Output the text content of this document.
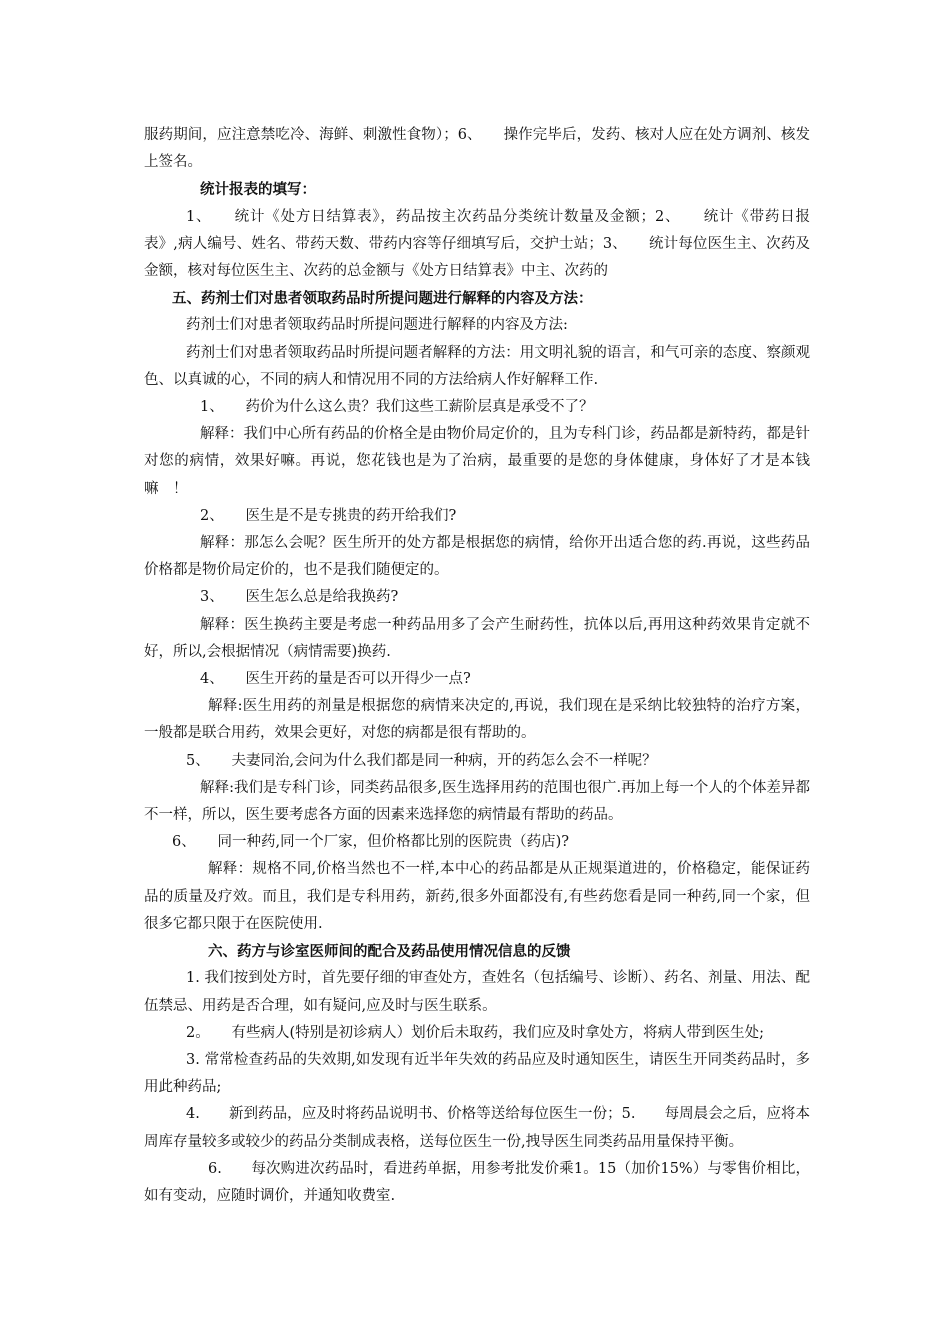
服药期间，应注意禁吃冷、海鲜、刺激性食物）；6、　　操作完毕后，发药、核对人应在处方调剂、核发上签名。

统计报表的填写：

1、　　统计《处方日结算表》，药品按主次药品分类统计数量及金额；2、　　统计《带药日报表》,病人编号、姓名、带药天数、带药内容等仔细填写后，交护士站；3、　　统计每位医生主、次药及金额，核对每位医生主、次药的总金额与《处方日结算表》中主、次药的

五、药剂士们对患者领取药品时所提问题进行解释的内容及方法：

药剂士们对患者领取药品时所提问题进行解释的内容及方法:

药剂士们对患者领取药品时所提问题者解释的方法：用文明礼貌的语言，和气可亲的态度、察颜观色、以真诚的心，不同的病人和情况用不同的方法给病人作好解释工作.

1、　　药价为什么这么贵？我们这些工薪阶层真是承受不了？

解释：我们中心所有药品的价格全是由物价局定价的，且为专科门诊，药品都是新特药，都是针对您的病情，效果好嘛。再说，您花钱也是为了治病，最重要的是您的身体健康，身体好了才是本钱嘛　！

2、　　医生是不是专挑贵的药开给我们?

解释：那怎么会呢？医生所开的处方都是根据您的病情，给你开出适合您的药.再说，这些药品价格都是物价局定价的，也不是我们随便定的。

3、　　医生怎么总是给我换药?

解释：医生换药主要是考虑一种药品用多了会产生耐药性，抗体以后,再用这种药效果肯定就不好，所以,会根据情况（病情需要)换药.

4、　　医生开药的量是否可以开得少一点?

解释:医生用药的剂量是根据您的病情来决定的,再说，我们现在是采纳比较独特的治疗方案，一般都是联合用药，效果会更好，对您的病都是很有帮助的。

5、　　夫妻同治,会问为什么我们都是同一种病，开的药怎么会不一样呢？

解释:我们是专科门诊，同类药品很多,医生选择用药的范围也很广.再加上每一个人的个体差异都不一样，所以，医生要考虑各方面的因素来选择您的病情最有帮助的药品。

6、　　同一种药,同一个厂家，但价格都比别的医院贵（药店)?

解释：规格不同,价格当然也不一样,本中心的药品都是从正规渠道进的，价格稳定，能保证药品的质量及疗效。而且，我们是专科用药，新药,很多外面都没有,有些药您看是同一种药,同一个家，但很多它都只限于在医院使用.

六、药方与诊室医师间的配合及药品使用情况信息的反馈

1. 我们按到处方时，首先要仔细的审查处方，查姓名（包括编号、诊断）、药名、剂量、用法、配伍禁忌、用药是否合理，如有疑问,应及时与医生联系。

2。　　有些病人(特别是初诊病人）划价后未取药，我们应及时拿处方，将病人带到医生处;

3. 常常检查药品的失效期,如发现有近半年失效的药品应及时通知医生，请医生开同类药品时，多用此种药品;

4.　　新到药品，应及时将药品说明书、价格等送给每位医生一份；5.　　每周晨会之后，应将本周库存量较多或较少的药品分类制成表格，送每位医生一份,拽导医生同类药品用量保持平衡。

6.　　每次购进次药品时，看进药单据，用参考批发价乘1。15（加价15%）与零售价相比，如有变动，应随时调价，并通知收费室.
